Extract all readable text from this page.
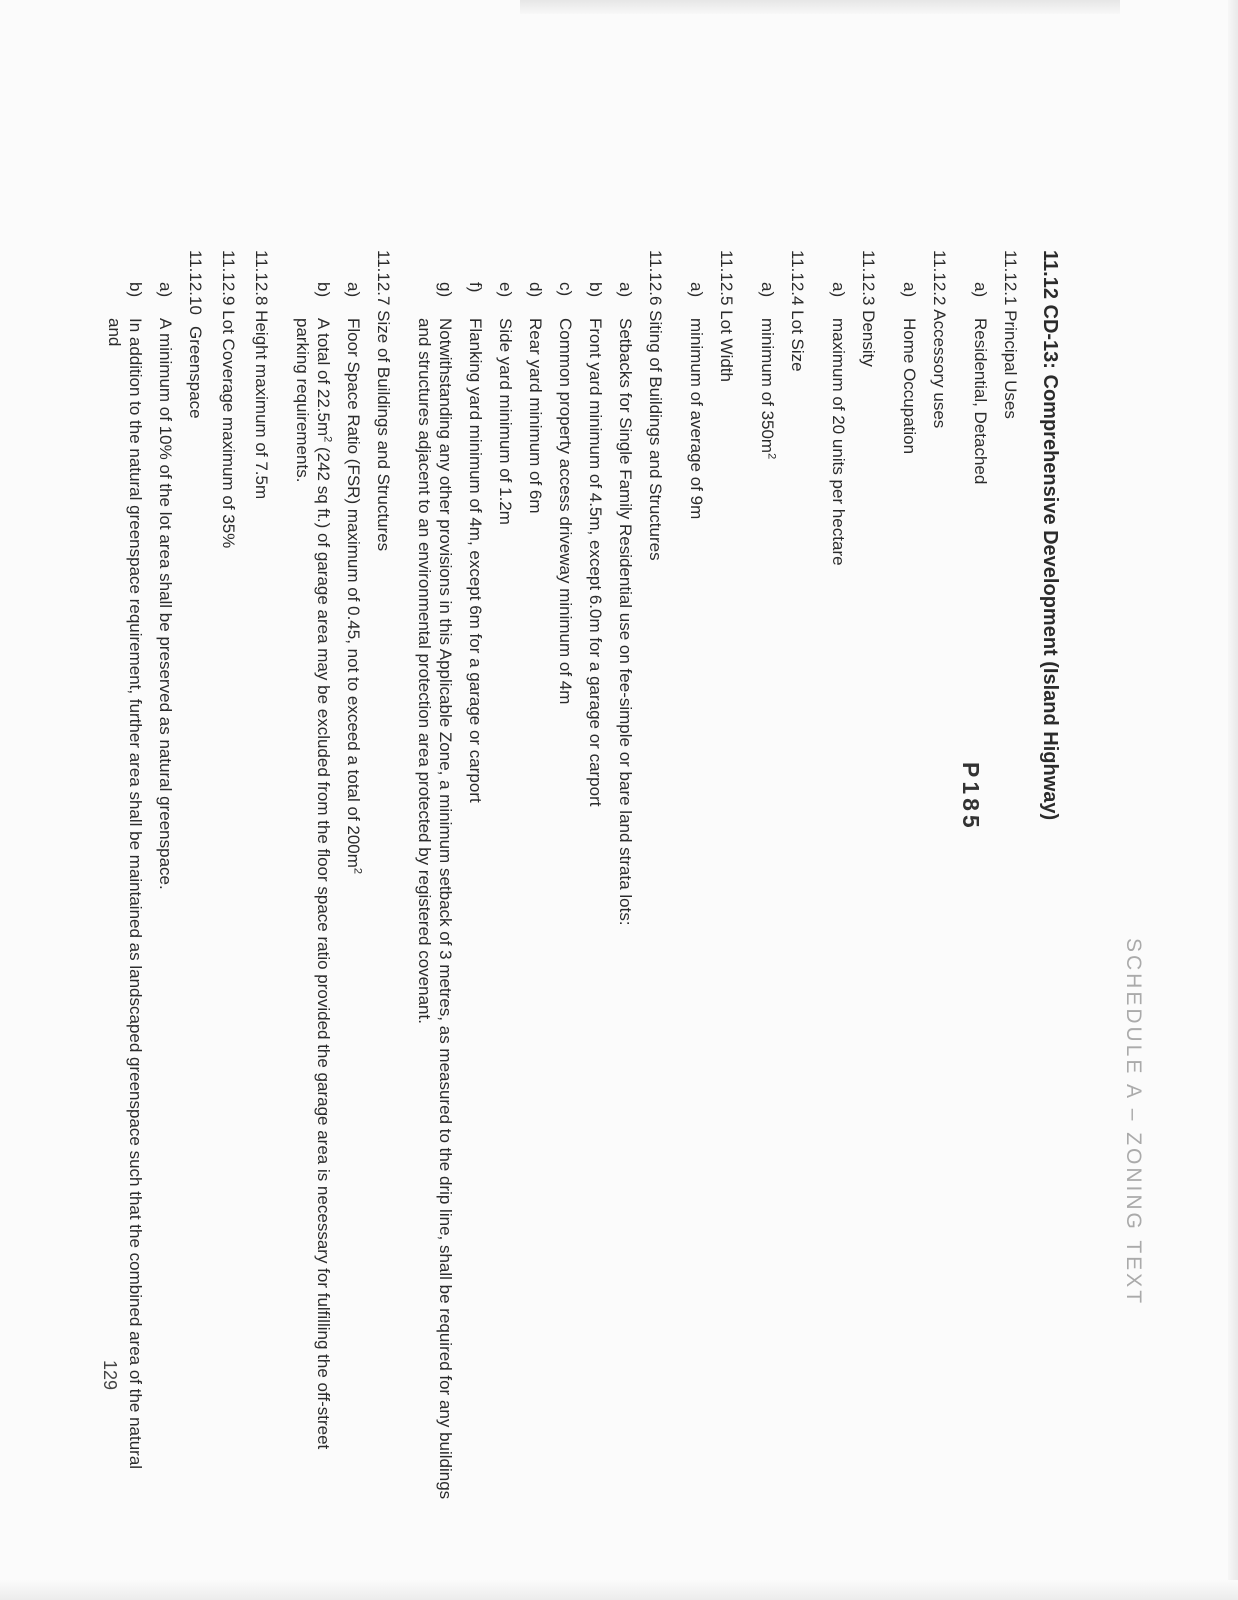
SCHEDULE A – ZONING TEXT
P185	11.12 CD-13: Comprehensive Development (Island Highway)
11.12.1 Principal Uses
a)
Residential, Detached
11.12.2 Accessory uses
a)
Home Occupation
11.12.3 Density
a)
maximum of 20 units per hectare
11.12.4 Lot Size
a)
minimum of $350m^2$
11.12.5 Lot Width
a)
minimum of average of 9m
11.12.6 Siting of Buildings and Structures
a)
Setbacks for Single Family Residential use on fee-simple or bare land strata lots:
b)
Front yard minimum of 4.5m, except 6.0m for a garage or carport
c)
Common property access driveway minimum of 4m
d)
Rear yard minimum of 6m
e)
Side yard minimum of 1.2m
f)
Flanking yard minimum of 4m, except 6m for a garage or carport
g)
Notwithstanding any other provisions in this Applicable Zone, a minimum setback of 3 metres, as measured to the drip line, shall be required for any buildings and structures adjacent to an environmental protection area protected by registered covenant.
11.12.7 Size of Buildings and Structures
a)
Floor Space Ratio (FSR) maximum of 0.45, not to exceed a total of $200m^2$
b)
A total of $22.5m^2$ (242 sq ft.) of garage area may be excluded from the floor space ratio provided the garage area is necessary for fulfilling the off-street parking requirements.
11.12.8 Height maximum of 7.5m
11.12.9 Lot Coverage maximum of 35%
11.12.10Greenspace
a)
A minimum of 10% of the lot area shall be preserved as natural greenspace.
b)
In addition to the natural greenspace requirement, further area shall be maintained as landscaped greenspace such that the combined area of the natural and
129
